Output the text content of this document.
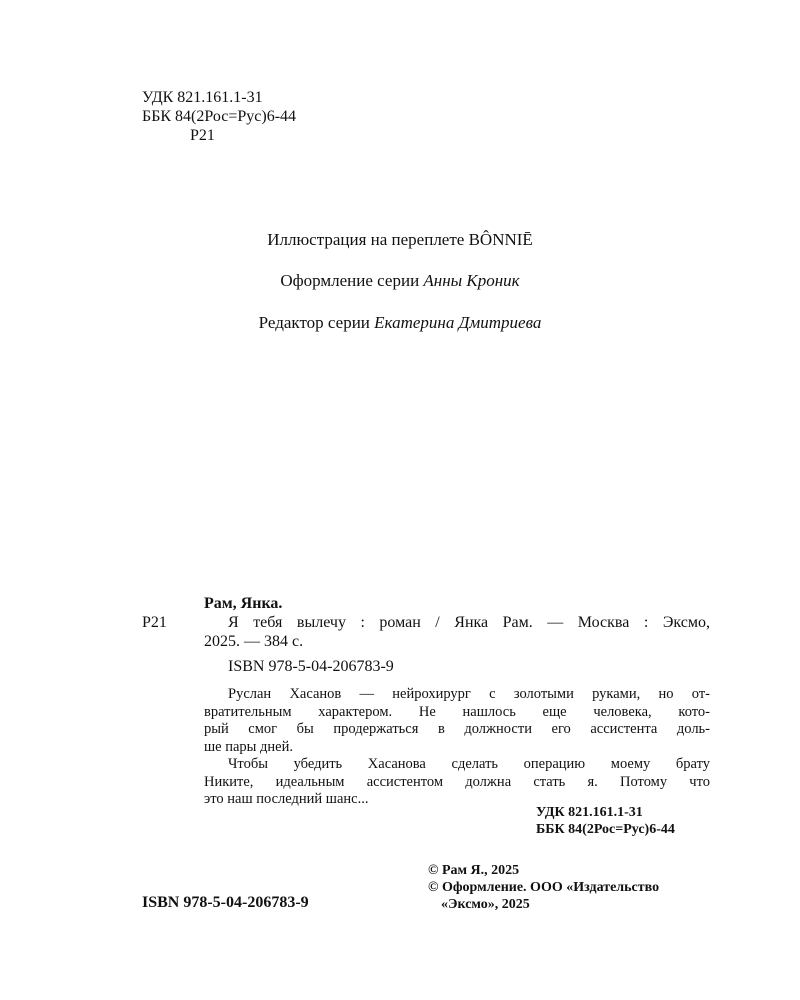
УДК 821.161.1-31
ББК 84(2Рос=Рус)6-44
Р21
Иллюстрация на переплете BÔNNIĒ
Оформление серии Анны Кроник
Редактор серии Екатерина Дмитриева
Рам, Янка.
Р21	Я тебя вылечу : роман / Янка Рам. — Москва : Эксмо,
2025. — 384 с.
ISBN 978-5-04-206783-9
Руслан Хасанов — нейрохирург с золотыми руками, но от-
вратительным характером. Не нашлось еще человека, кото-
рый смог бы продержаться в должности его ассистента доль-
ше пары дней.
Чтобы убедить Хасанова сделать операцию моему брату
Никите, идеальным ассистентом должна стать я. Потому что
это наш последний шанс...
УДК 821.161.1-31
ББК 84(2Рос=Рус)6-44
© Рам Я., 2025
© Оформление. ООО «Издательство
«Эксмо», 2025
ISBN 978-5-04-206783-9
